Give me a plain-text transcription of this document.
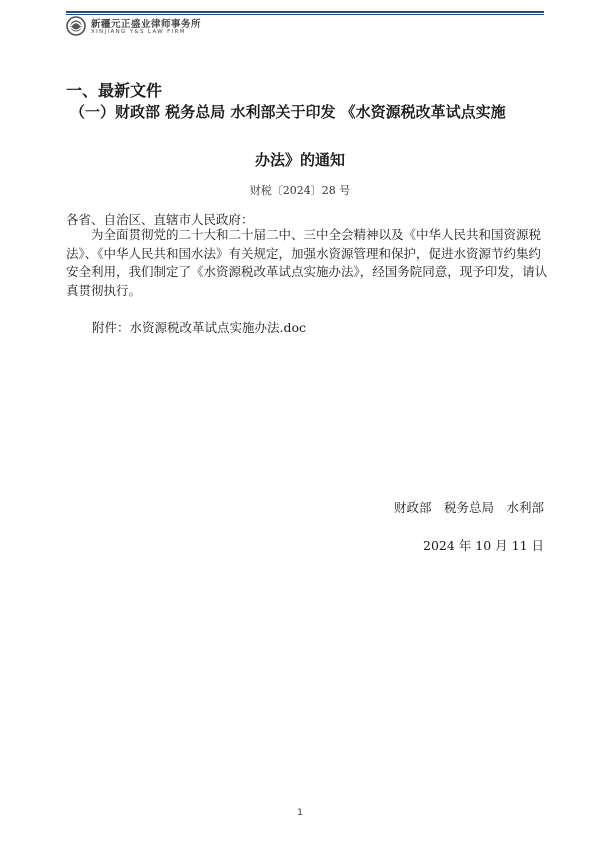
新疆元正盛业律师事务所
XINJIANG Y&S LAW FIRM
一、最新文件
（一）财政部 税务总局 水利部关于印发 《水资源税改革试点实施
办法》的通知
财税〔2024〕28 号
各省、自治区、直辖市人民政府：
为全面贯彻党的二十大和二十届二中、三中全会精神以及《中华人民共和国资源税法》、《中华人民共和国水法》有关规定，加强水资源管理和保护，促进水资源节约集约安全利用，我们制定了《水资源税改革试点实施办法》，经国务院同意，现予印发，请认真贯彻执行。
附件：水资源税改革试点实施办法.doc
财政部　税务总局　水利部
2024 年 10 月 11 日
1
